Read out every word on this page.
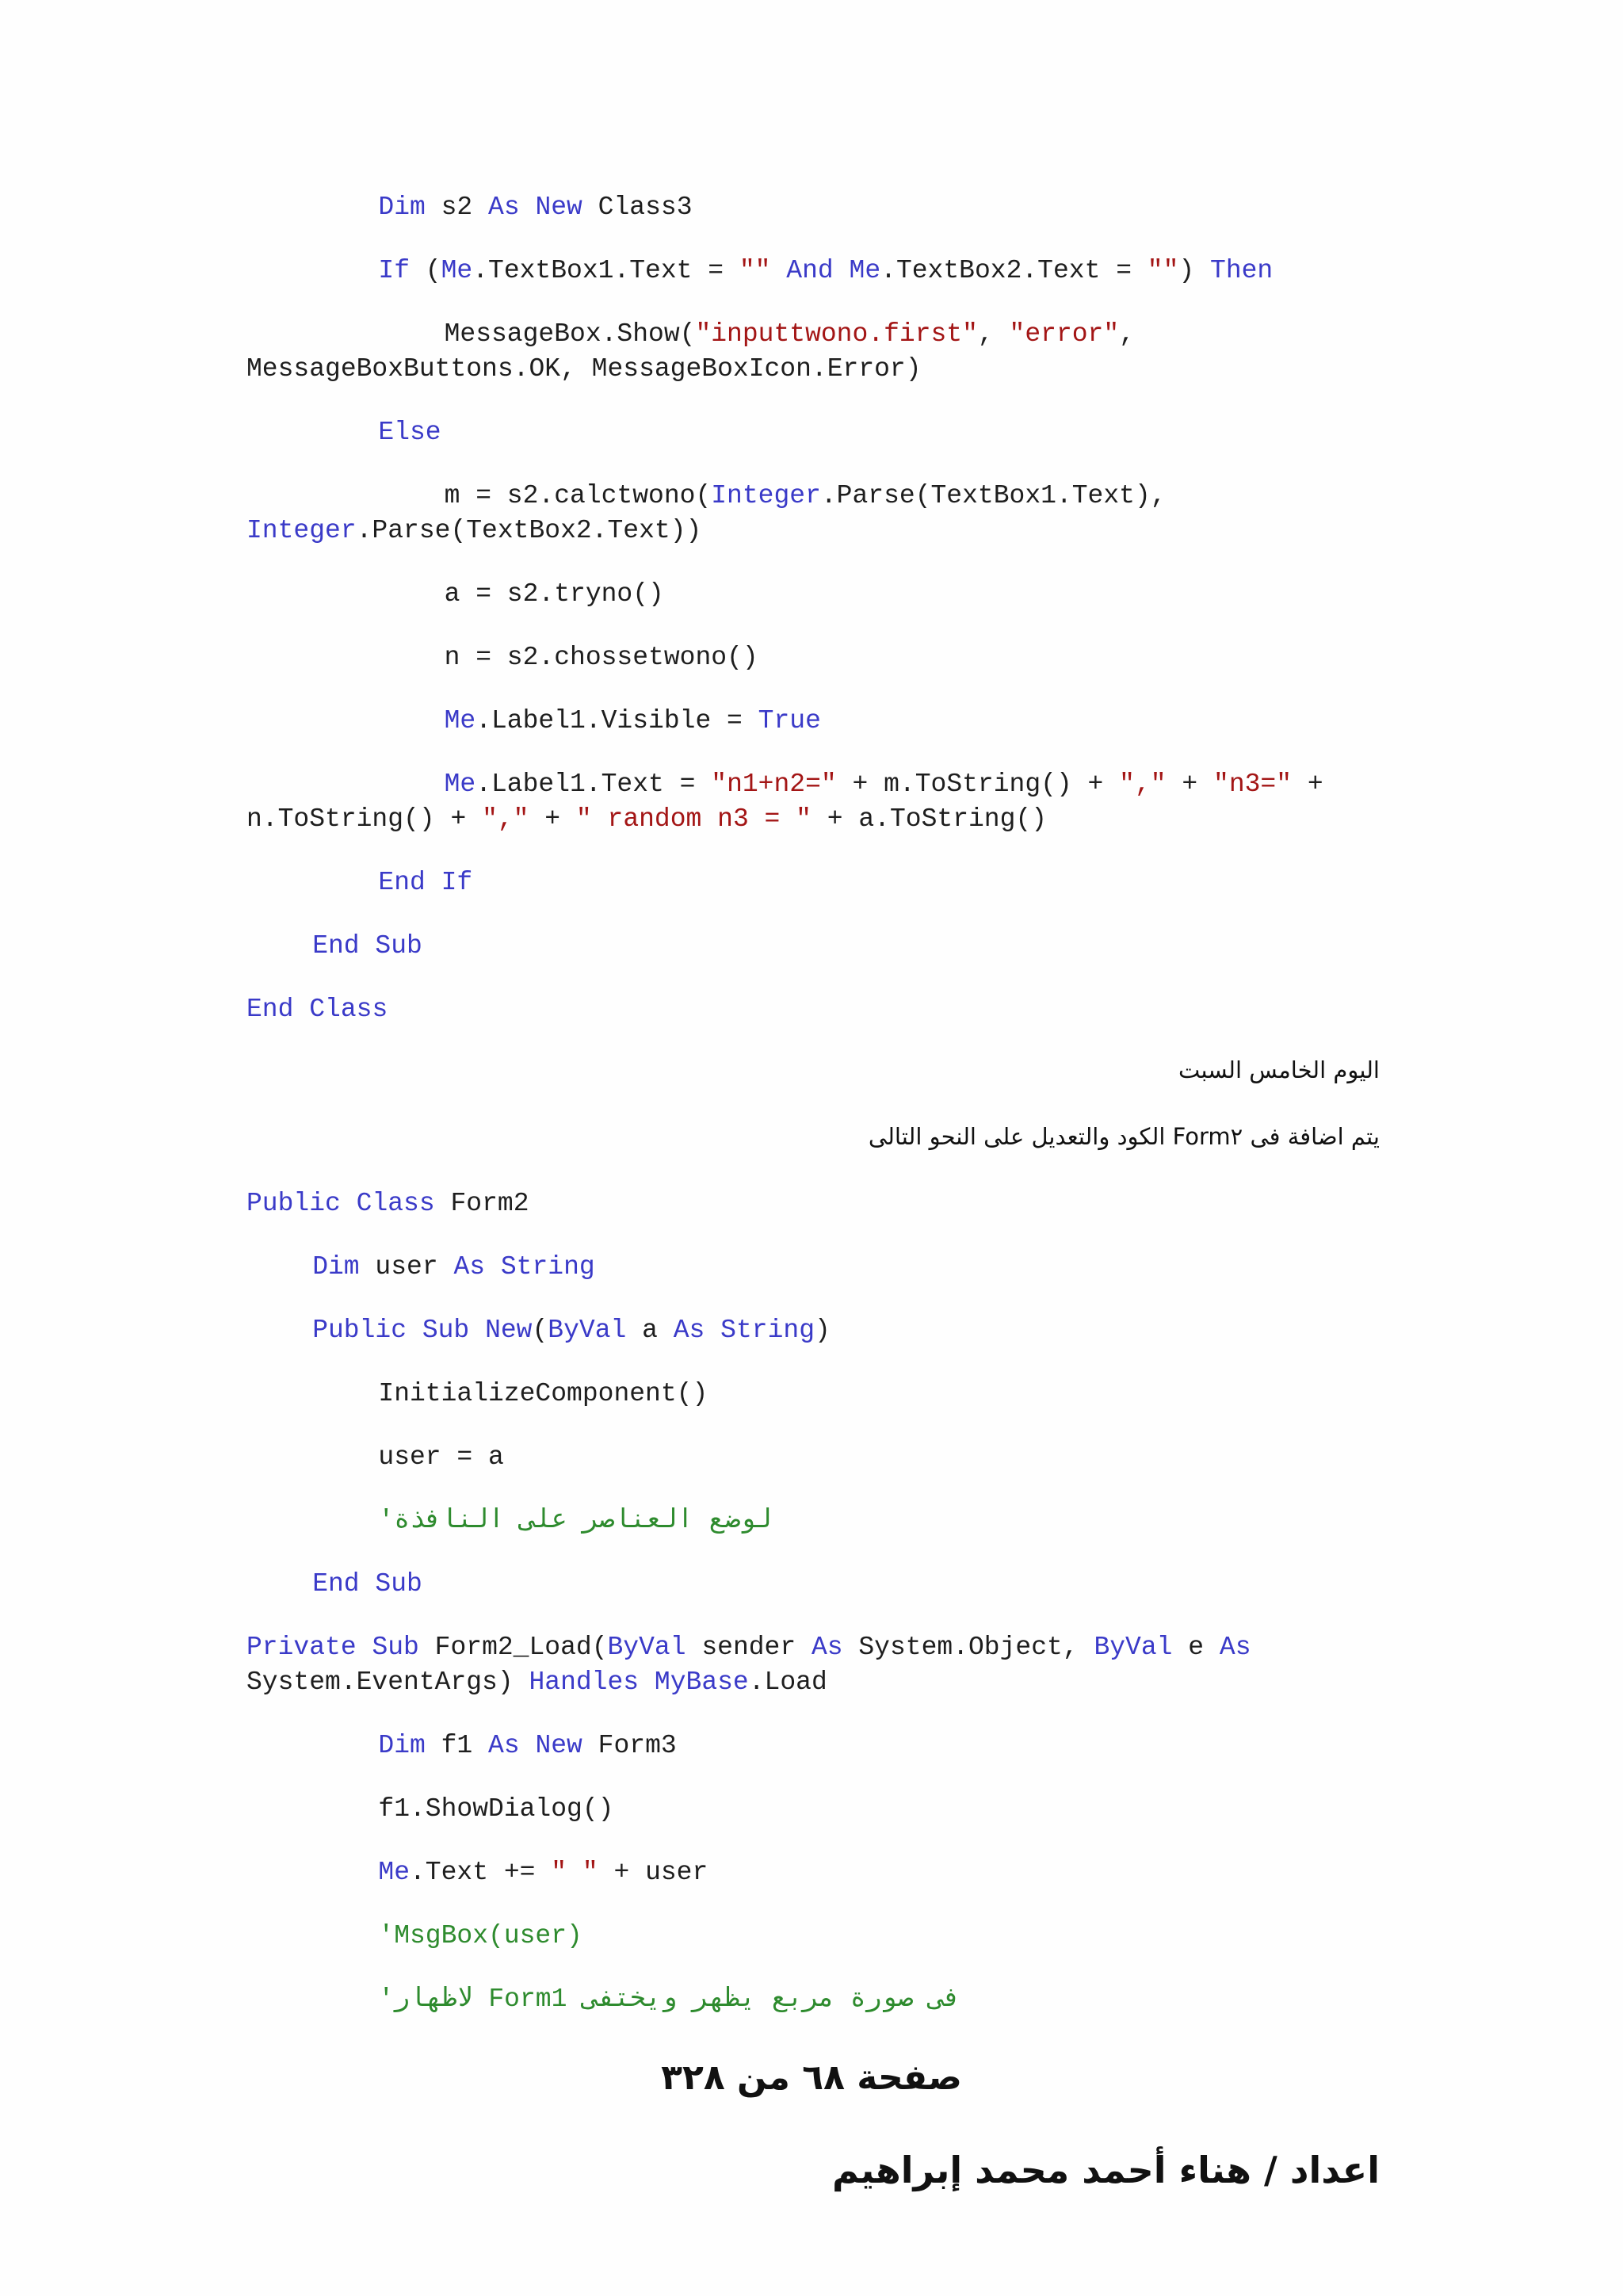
Dim s2 As New Class3
If (Me.TextBox1.Text = "" And Me.TextBox2.Text = "") Then
MessageBox.Show("inputtwono.first", "error",
MessageBoxButtons.OK, MessageBoxIcon.Error)
Else
m = s2.calctwono(Integer.Parse(TextBox1.Text),
Integer.Parse(TextBox2.Text))
a = s2.tryno()
n = s2.chossetwono()
Me.Label1.Visible = True
Me.Label1.Text = "n1+n2=" + m.ToString() + "," + "n3=" +
n.ToString() + "," + " random n3 = " + a.ToString()
End If
End Sub
End Class
اليوم الخامس السبت
يتم اضافة فى Form٢ الكود والتعديل على النحو التالى
Public Class Form2
Dim user As String
Public Sub New(ByVal a As String)
InitializeComponent()
user = a
'لوضع العناصر على النافذة
End Sub
Private Sub Form2_Load(ByVal sender As System.Object, ByVal e As
System.EventArgs) Handles MyBase.Load
Dim f1 As New Form3
f1.ShowDialog()
Me.Text += " " + user
'MsgBox(user)
'لاظهار Form1 فى صورة مربع يظهر ويختفى
صفحة ٦٨ من ٣٢٨
اعداد / هناء أحمد محمد إبراهيم
